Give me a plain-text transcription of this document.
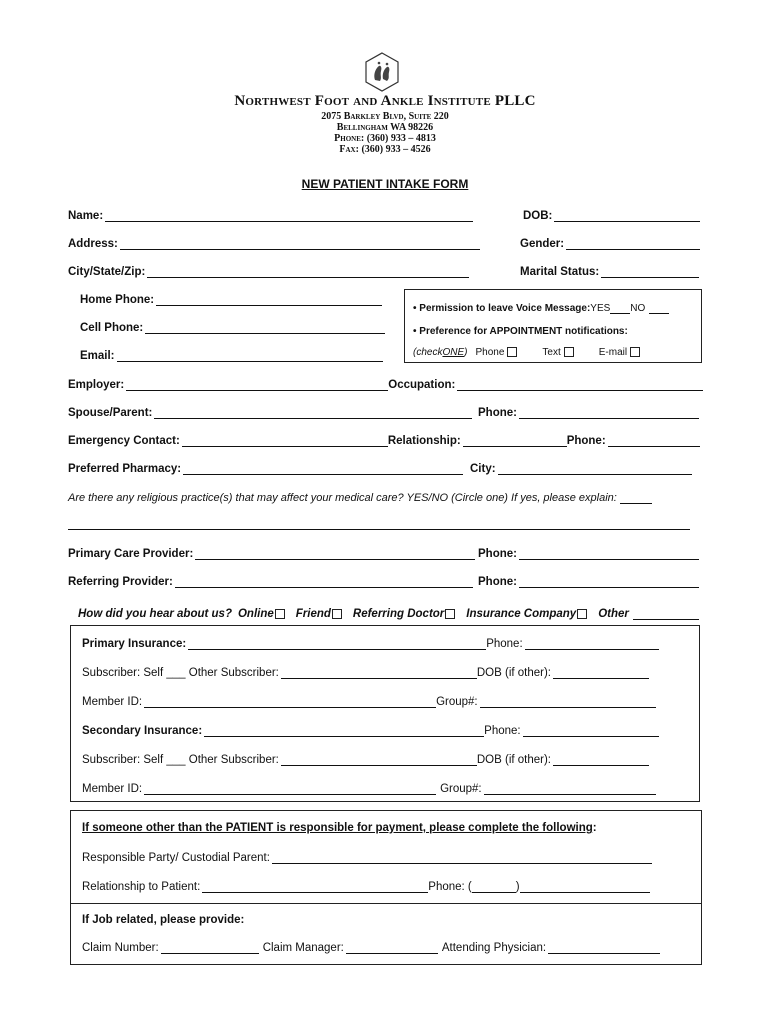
Northwest Foot and Ankle Institute PLLC
2075 Barkley Blvd, Suite 220
Bellingham WA 98226
Phone: (360) 933 – 4813
Fax: (360) 933 – 4526
NEW PATIENT INTAKE FORM
Name:	DOB:
Address:	Gender:
City/State/Zip:	Marital Status:
Home Phone:
Cell Phone:
Email:
• Permission to leave Voice Message: YES NO
• Preference for APPOINTMENT notifications:
(check ONE ) Phone	Text	E-mail
Employer:	Occupation:
Spouse/Parent:	Phone:
Emergency Contact:	Relationship:	Phone:
Preferred Pharmacy:	City:
Are there any religious practice(s) that may affect your medical care? YES/NO (Circle one) If yes, please explain:
Primary Care Provider:	Phone:
Referring Provider:	Phone:
How did you hear about us? Online Friend Referring Doctor Insurance Company Other
Primary Insurance:	Phone:
Subscriber: Self ___ Other Subscriber:	DOB (if other):
Member ID:	Group#:
Secondary Insurance:	Phone:
Subscriber: Self ___ Other Subscriber:	DOB (if other):
Member ID:	Group#:
If someone other than the PATIENT is responsible for payment, please complete the following :
Responsible Party/ Custodial Parent:
Relationship to Patient:	Phone: (	)
If Job related, please provide:
Claim Number:	Claim Manager:	Attending Physician:
